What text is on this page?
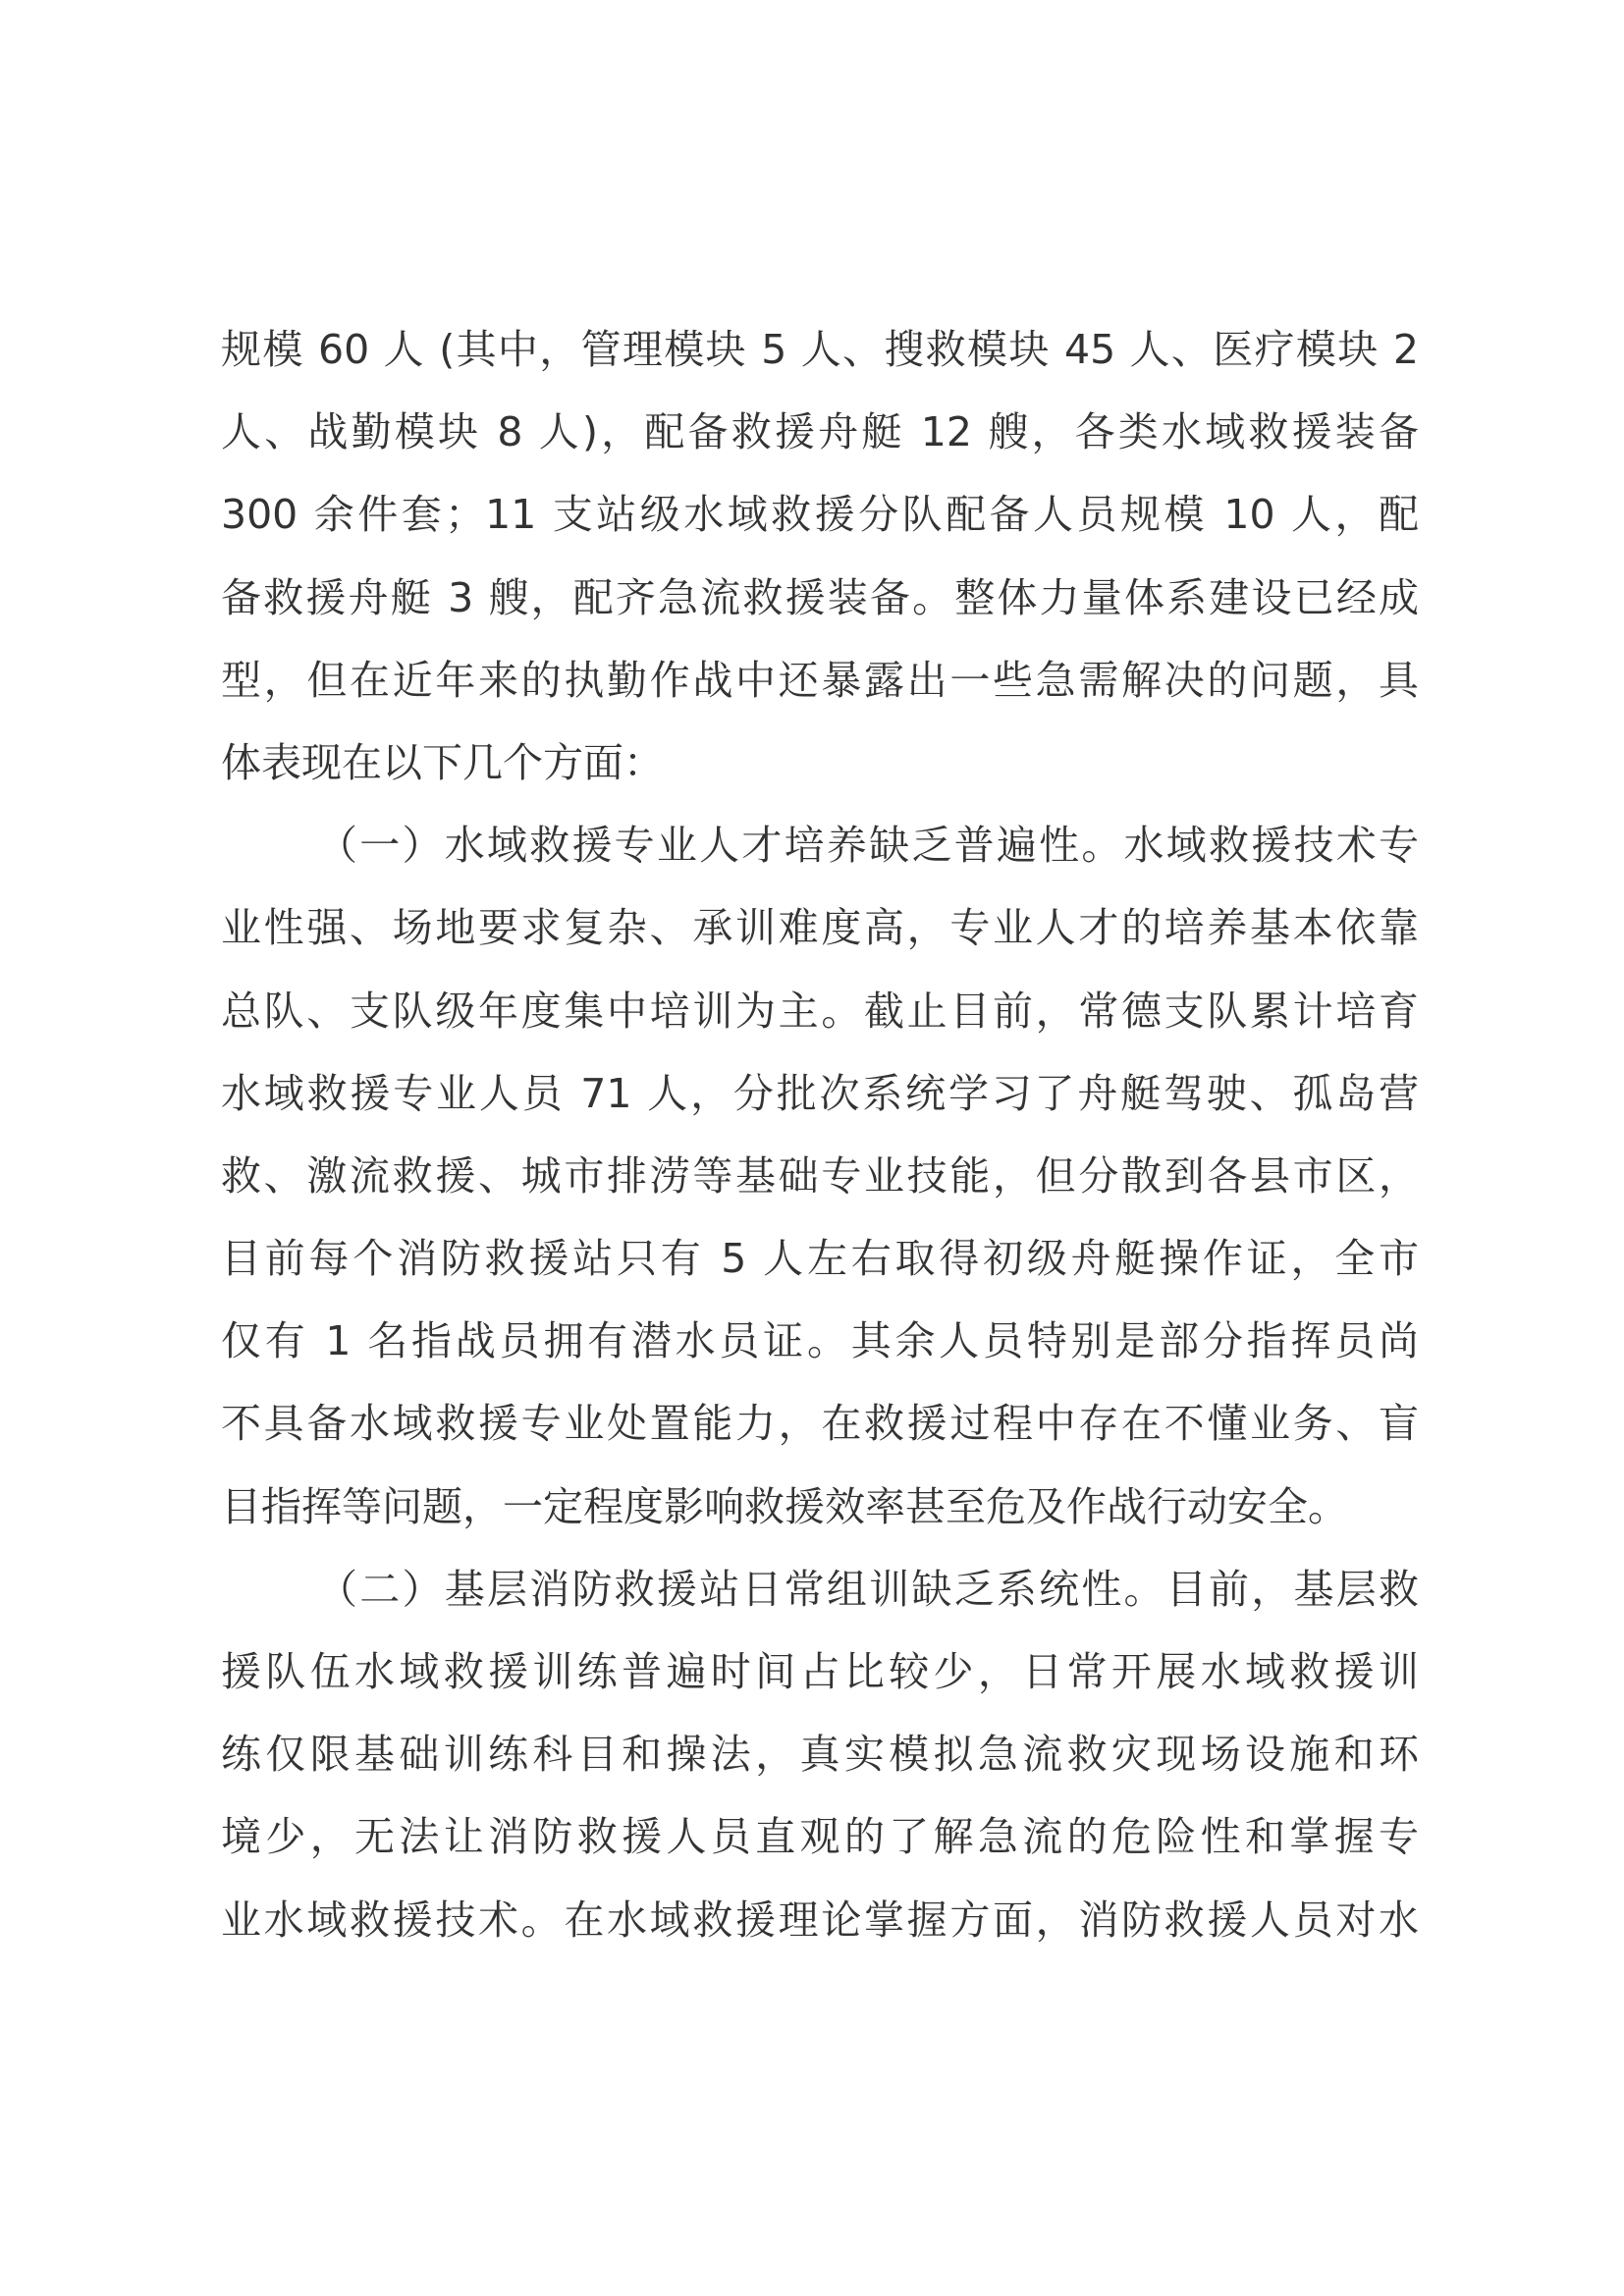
规模 60 人 (其中，管理模块 5 人、搜救模块 45 人、医疗模块 2
人、战勤模块 8 人)，配备救援舟艇 12 艘，各类水域救援装备
300 余件套；11 支站级水域救援分队配备人员规模 10 人，配
备救援舟艇 3 艘，配齐急流救援装备。整体力量体系建设已经成
型，但在近年来的执勤作战中还暴露出一些急需解决的问题，具
体表现在以下几个方面：
（一）水域救援专业人才培养缺乏普遍性。水域救援技术专
业性强、场地要求复杂、承训难度高，专业人才的培养基本依靠
总队、支队级年度集中培训为主。截止目前，常德支队累计培育
水域救援专业人员 71 人，分批次系统学习了舟艇驾驶、孤岛营
救、激流救援、城市排涝等基础专业技能，但分散到各县市区，
目前每个消防救援站只有 5 人左右取得初级舟艇操作证，全市
仅有 1 名指战员拥有潜水员证。其余人员特别是部分指挥员尚
不具备水域救援专业处置能力，在救援过程中存在不懂业务、盲
目指挥等问题，一定程度影响救援效率甚至危及作战行动安全。
（二）基层消防救援站日常组训缺乏系统性。目前，基层救
援队伍水域救援训练普遍时间占比较少，日常开展水域救援训
练仅限基础训练科目和操法，真实模拟急流救灾现场设施和环
境少，无法让消防救援人员直观的了解急流的危险性和掌握专
业水域救援技术。在水域救援理论掌握方面，消防救援人员对水
